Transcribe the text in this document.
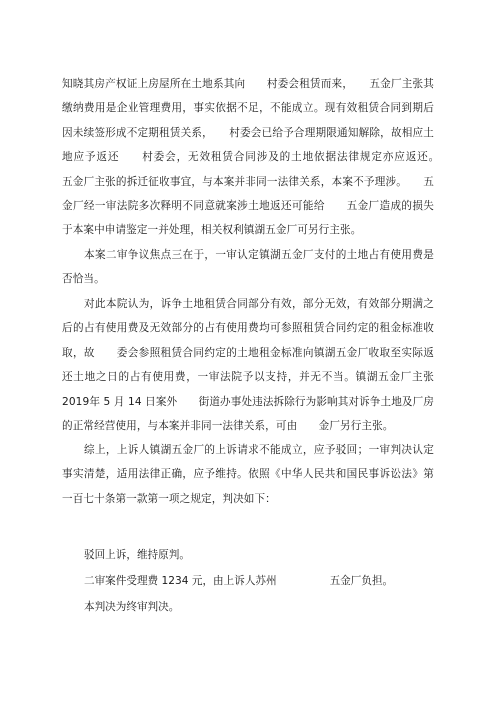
知晓其房产权证上房屋所在土地系其向　　村委会租赁而来，　　五金厂主张其缴纳费用是企业管理费用，事实依据不足，不能成立。现有效租赁合同到期后因未续签形成不定期租赁关系，　　村委会已给予合理期限通知解除，故相应土地应予返还　　村委会，无效租赁合同涉及的土地依据法律规定亦应返还。　　五金厂主张的拆迁征收事宜，与本案并非同一法律关系，本案不予理涉。　　五金厂经一审法院多次释明不同意就案涉土地返还可能给　　五金厂造成的损失于本案中申请鉴定一并处理，相关权利镇湖五金厂可另行主张。

本案二审争议焦点三在于，一审认定镇湖五金厂支付的土地占有使用费是否恰当。

对此本院认为，诉争土地租赁合同部分有效，部分无效，有效部分期满之后的占有使用费及无效部分的占有使用费均可参照租赁合同约定的租金标准收取，故　　委会参照租赁合同约定的土地租金标准向镇湖五金厂收取至实际返还土地之日的占有使用费，一审法院予以支持，并无不当。镇湖五金厂主张 2019年 5 月 14 日案外　　街道办事处违法拆除行为影响其对诉争土地及厂房的正常经营使用，与本案并非同一法律关系，可由　　金厂另行主张。

综上，上诉人镇湖五金厂的上诉请求不能成立，应予驳回；一审判决认定事实清楚，适用法律正确，应予维持。依照《中华人民共和国民事诉讼法》第一百七十条第一款第一项之规定，判决如下：

驳回上诉，维持原判。

二审案件受理费 1234 元，由上诉人苏州　　　　　五金厂负担。

本判决为终审判决。
